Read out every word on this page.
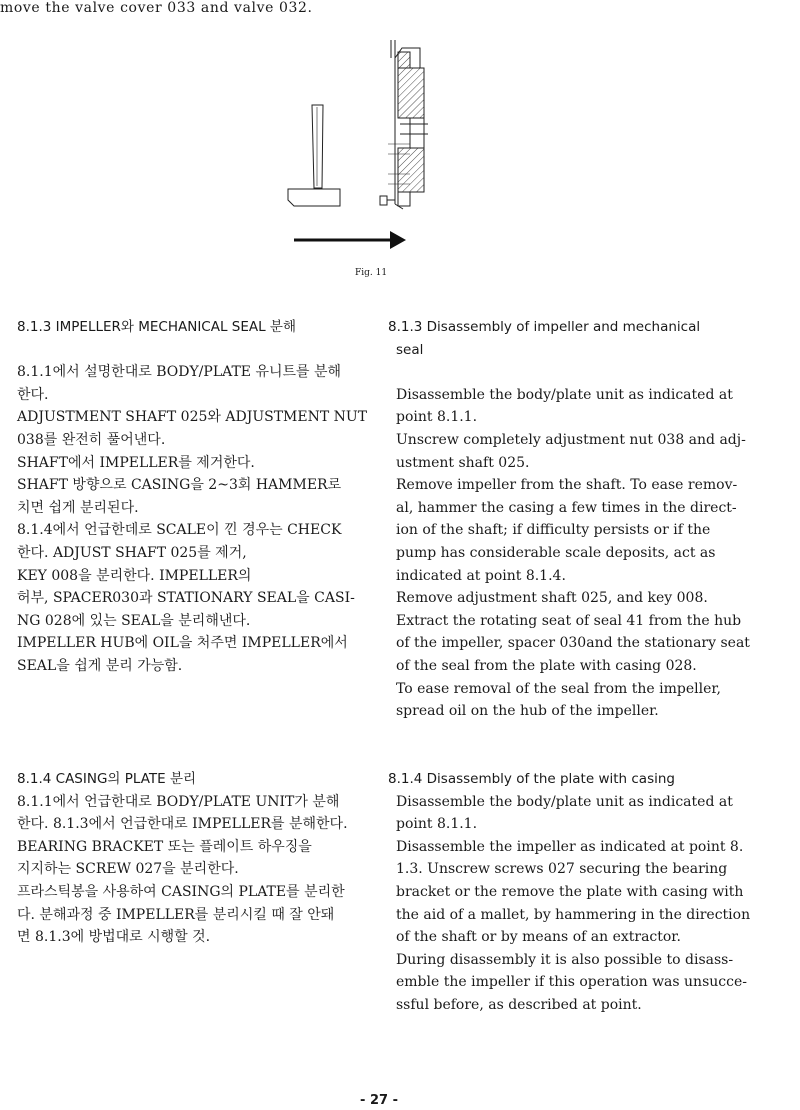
move the valve cover 033 and valve 032.
Fig. 11

8.1.3 IMPELLER와 MECHANICAL SEAL 분해

8.1.1에서 설명한대로 BODY/PLATE 유니트를 분해

한다.

ADJUSTMENT SHAFT 025와 ADJUSTMENT NUT

038를 완전히 풀어낸다.

SHAFT에서 IMPELLER를 제거한다.

SHAFT 방향으로 CASING을 2~3회 HAMMER로

치면 쉽게 분리된다.

8.1.4에서 언급한데로 SCALE이 낀 경우는 CHECK

한다. ADJUST SHAFT 025를 제거,

KEY 008을 분리한다. IMPELLER의

허부, SPACER030과 STATIONARY SEAL을 CASI-

NG 028에 있는 SEAL을 분리해낸다.

IMPELLER HUB에 OIL을 처주면 IMPELLER에서

SEAL을 쉽게 분리 가능함.

8.1.3 Disassembly of impeller and mechanical

seal

Disassemble the body/plate unit as indicated at

point 8.1.1.

Unscrew completely adjustment nut 038 and adj-

ustment shaft 025.

Remove impeller from the shaft. To ease remov-

al, hammer the casing a few times in the direct-

ion of the shaft; if difficulty persists or if the

pump has considerable scale deposits, act as

indicated at point 8.1.4.

Remove adjustment shaft 025, and key 008.

Extract the rotating seat of seal 41 from the hub

of the impeller, spacer 030and the stationary seat

of the seal from the plate with casing 028.

To ease removal of the seal from the impeller,

spread oil on the hub of the impeller.

8.1.4 CASING의 PLATE 분리

8.1.1에서 언급한대로 BODY/PLATE UNIT가 분해

한다. 8.1.3에서 언급한대로 IMPELLER를 분해한다.

BEARING BRACKET 또는 플레이트 하우징을

지지하는 SCREW 027을 분리한다.

프라스틱봉을 사용하여 CASING의 PLATE를 분리한

다. 분해과정 중 IMPELLER를 분리시킬 때 잘 안돼

면 8.1.3에 방법대로 시행할 것.

8.1.4 Disassembly of the plate with casing

Disassemble the body/plate unit as indicated at

point 8.1.1.

Disassemble the impeller as indicated at point 8.

1.3. Unscrew screws 027 securing the bearing

bracket or the remove the plate with casing with

the aid of a mallet, by hammering in the direction

of the shaft or by means of an extractor.

During disassembly it is also possible to disass-

emble the impeller if this operation was unsucce-

ssful before, as described at point.

- 27 -
